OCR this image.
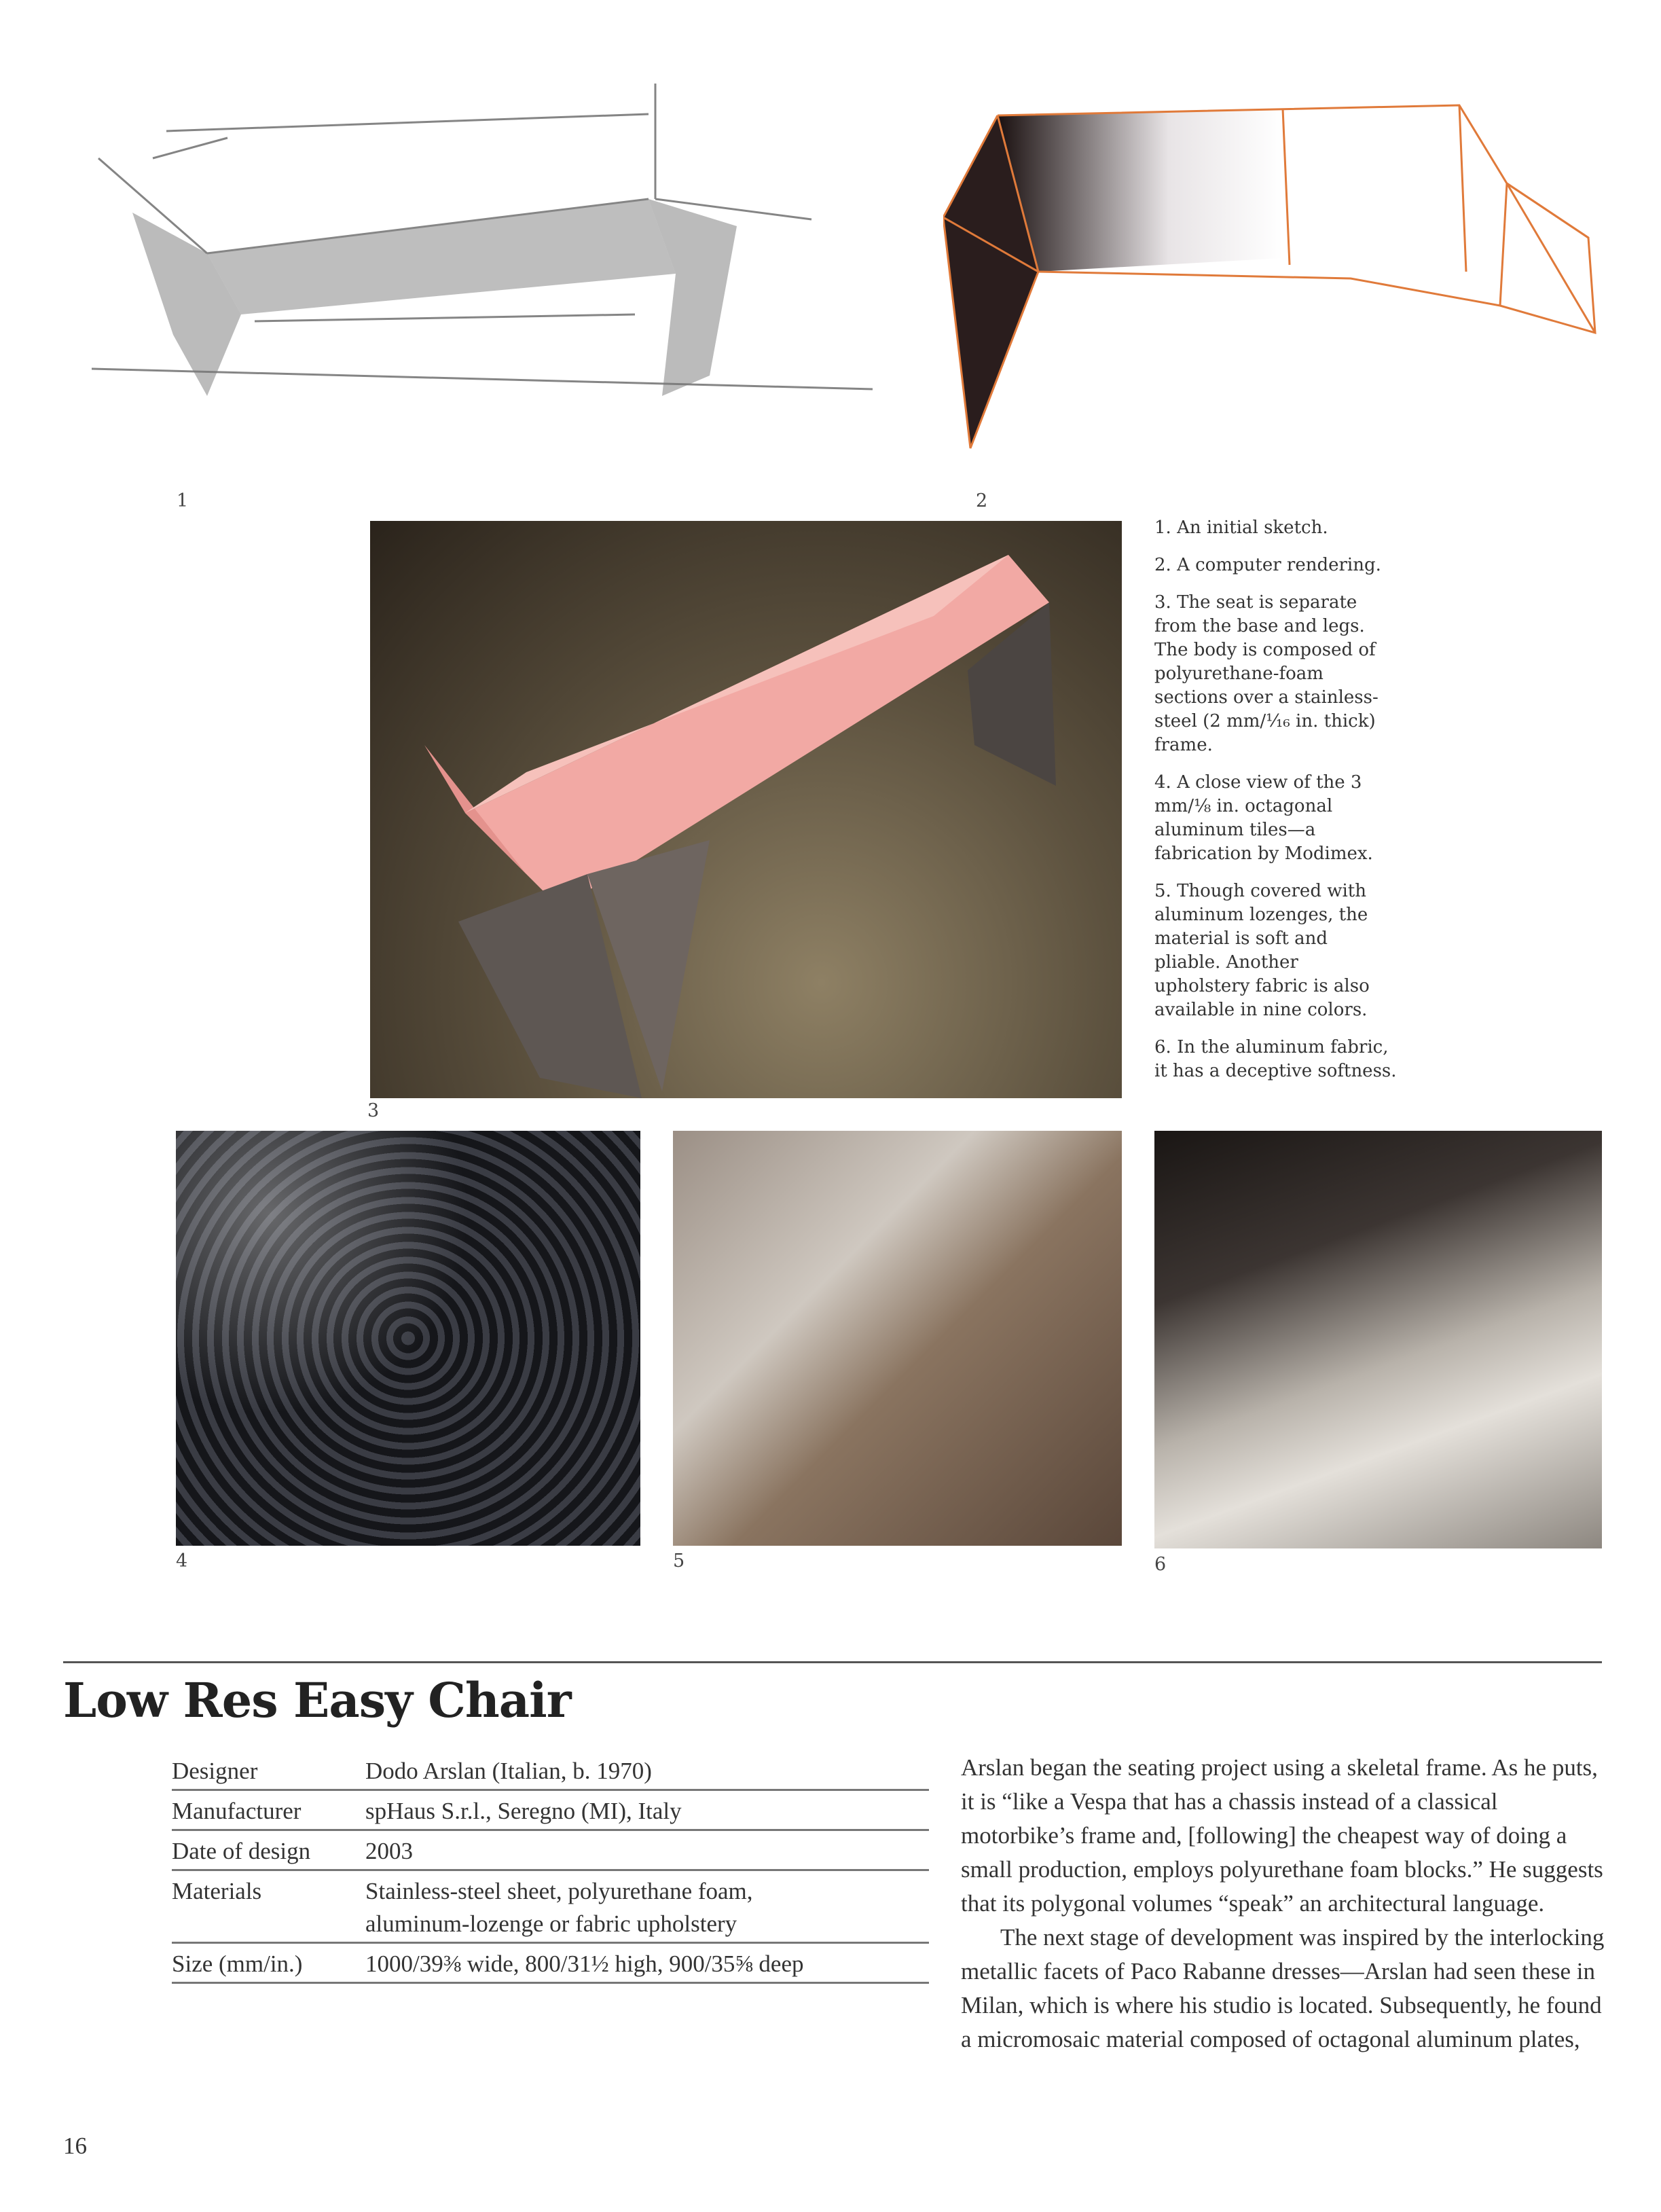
1	2
3

1. An initial sketch.

2. A computer rendering.

3. The seat is separate from the base and legs. The body is composed of polyurethane-foam sections over a stainless-steel (2 mm/¹⁄₁₆ in. thick) frame.

4. A close view of the 3 mm/⅛ in. octagonal aluminum tiles—a fabrication by Modimex.

5. Though covered with aluminum lozenges, the material is soft and pliable. Another upholstery fabric is also available in nine colors.

6. In the aluminum fabric, it has a deceptive softness.

4	5	6
Low Res Easy Chair
Designer	Dodo Arslan (Italian, b. 1970)
Manufacturer	spHaus S.r.l., Seregno (MI), Italy
Date of design	2003
Materials	Stainless-steel sheet, polyurethane foam, aluminum-lozenge or fabric upholstery
Size (mm/in.)	1000/39⅜ wide, 800/31½ high, 900/35⅝ deep

Arslan began the seating project using a skeletal frame. As he puts, it is “like a Vespa that has a chassis instead of a classical motorbike’s frame and, [following] the cheapest way of doing a small production, employs polyurethane foam blocks.” He suggests that its polygonal volumes “speak” an architectural language.

The next stage of development was inspired by the interlocking metallic facets of Paco Rabanne dresses—Arslan had seen these in Milan, which is where his studio is located. Subsequently, he found a micromosaic material composed of octagonal aluminum plates,

16
